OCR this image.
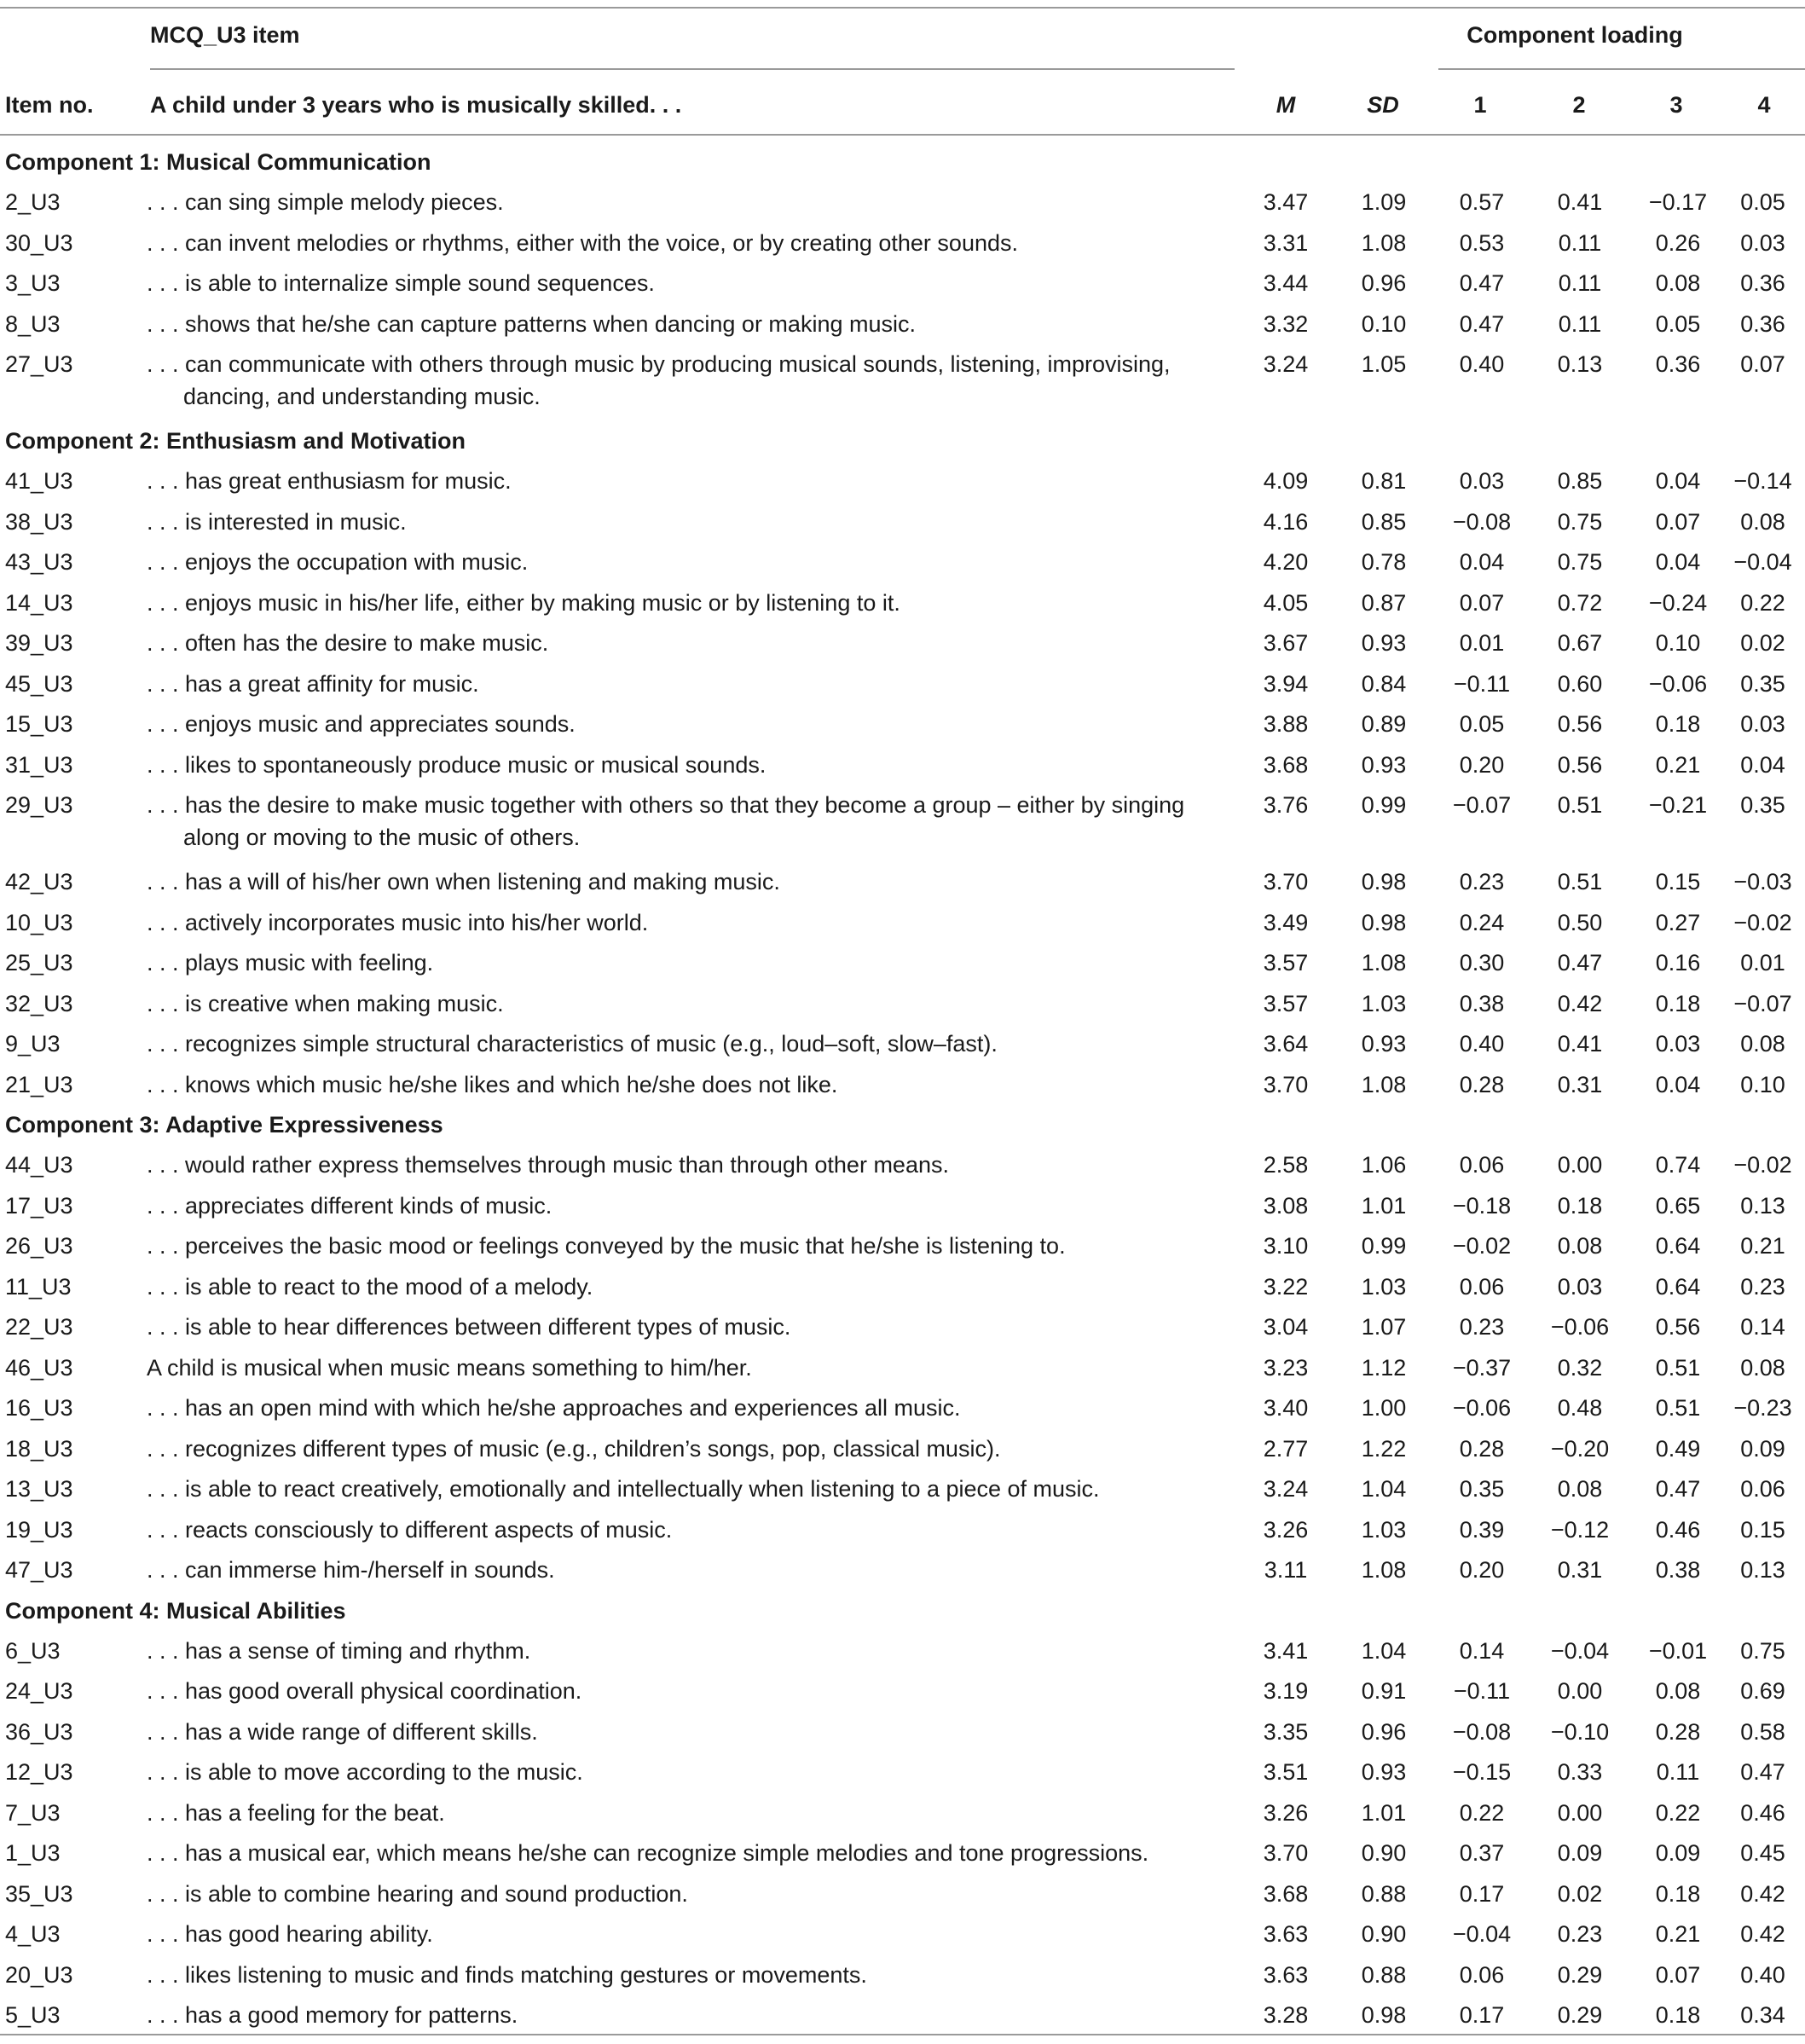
MCQ_U3 item	Component loading
Item no. A child under 3 years who is musically skilled. . .	M	SD	1	2	3	4
Component 1: Musical Communication							
2_U3	. . . can sing simple melody pieces.	3.47	1.09	0.57	0.41	−0.17	0.05
30_U3	. . . can invent melodies or rhythms, either with the voice, or by creating other sounds.	3.31	1.08	0.53	0.11	0.26	0.03
3_U3	. . . is able to internalize simple sound sequences.	3.44	0.96	0.47	0.11	0.08	0.36
8_U3	. . . shows that he/she can capture patterns when dancing or making music.	3.32	0.10	0.47	0.11	0.05	0.36
27_U3	. . . can communicate with others through music by producing musical sounds, listening, improvising, dancing, and understanding music.	3.24	1.05	0.40	0.13	0.36	0.07
Component 2: Enthusiasm and Motivation							
41_U3	. . . has great enthusiasm for music.	4.09	0.81	0.03	0.85	0.04	−0.14
38_U3	. . . is interested in music.	4.16	0.85	−0.08	0.75	0.07	0.08
43_U3	. . . enjoys the occupation with music.	4.20	0.78	0.04	0.75	0.04	−0.04
14_U3	. . . enjoys music in his/her life, either by making music or by listening to it.	4.05	0.87	0.07	0.72	−0.24	0.22
39_U3	. . . often has the desire to make music.	3.67	0.93	0.01	0.67	0.10	0.02
45_U3	. . . has a great affinity for music.	3.94	0.84	−0.11	0.60	−0.06	0.35
15_U3	. . . enjoys music and appreciates sounds.	3.88	0.89	0.05	0.56	0.18	0.03
31_U3	. . . likes to spontaneously produce music or musical sounds.	3.68	0.93	0.20	0.56	0.21	0.04
29_U3	. . . has the desire to make music together with others so that they become a group – either by singing along or moving to the music of others.	3.76	0.99	−0.07	0.51	−0.21	0.35
42_U3	. . . has a will of his/her own when listening and making music.	3.70	0.98	0.23	0.51	0.15	−0.03
10_U3	. . . actively incorporates music into his/her world.	3.49	0.98	0.24	0.50	0.27	−0.02
25_U3	. . . plays music with feeling.	3.57	1.08	0.30	0.47	0.16	0.01
32_U3	. . . is creative when making music.	3.57	1.03	0.38	0.42	0.18	−0.07
9_U3	. . . recognizes simple structural characteristics of music (e.g., loud–soft, slow–fast).	3.64	0.93	0.40	0.41	0.03	0.08
21_U3	. . . knows which music he/she likes and which he/she does not like.	3.70	1.08	0.28	0.31	0.04	0.10
Component 3: Adaptive Expressiveness							
44_U3	. . . would rather express themselves through music than through other means.	2.58	1.06	0.06	0.00	0.74	−0.02
17_U3	. . . appreciates different kinds of music.	3.08	1.01	−0.18	0.18	0.65	0.13
26_U3	. . . perceives the basic mood or feelings conveyed by the music that he/she is listening to.	3.10	0.99	−0.02	0.08	0.64	0.21
11_U3	. . . is able to react to the mood of a melody.	3.22	1.03	0.06	0.03	0.64	0.23
22_U3	. . . is able to hear differences between different types of music.	3.04	1.07	0.23	−0.06	0.56	0.14
46_U3	A child is musical when music means something to him/her.	3.23	1.12	−0.37	0.32	0.51	0.08
16_U3	. . . has an open mind with which he/she approaches and experiences all music.	3.40	1.00	−0.06	0.48	0.51	−0.23
18_U3	. . . recognizes different types of music (e.g., children’s songs, pop, classical music).	2.77	1.22	0.28	−0.20	0.49	0.09
13_U3	. . . is able to react creatively, emotionally and intellectually when listening to a piece of music.	3.24	1.04	0.35	0.08	0.47	0.06
19_U3	. . . reacts consciously to different aspects of music.	3.26	1.03	0.39	−0.12	0.46	0.15
47_U3	. . . can immerse him-/herself in sounds.	3.11	1.08	0.20	0.31	0.38	0.13
Component 4: Musical Abilities							
6_U3	. . . has a sense of timing and rhythm.	3.41	1.04	0.14	−0.04	−0.01	0.75
24_U3	. . . has good overall physical coordination.	3.19	0.91	−0.11	0.00	0.08	0.69
36_U3	. . . has a wide range of different skills.	3.35	0.96	−0.08	−0.10	0.28	0.58
12_U3	. . . is able to move according to the music.	3.51	0.93	−0.15	0.33	0.11	0.47
7_U3	. . . has a feeling for the beat.	3.26	1.01	0.22	0.00	0.22	0.46
1_U3	. . . has a musical ear, which means he/she can recognize simple melodies and tone progressions.	3.70	0.90	0.37	0.09	0.09	0.45
35_U3	. . . is able to combine hearing and sound production.	3.68	0.88	0.17	0.02	0.18	0.42
4_U3	. . . has good hearing ability.	3.63	0.90	−0.04	0.23	0.21	0.42
20_U3	. . . likes listening to music and finds matching gestures or movements.	3.63	0.88	0.06	0.29	0.07	0.40
5_U3	. . . has a good memory for patterns.	3.28	0.98	0.17	0.29	0.18	0.34
